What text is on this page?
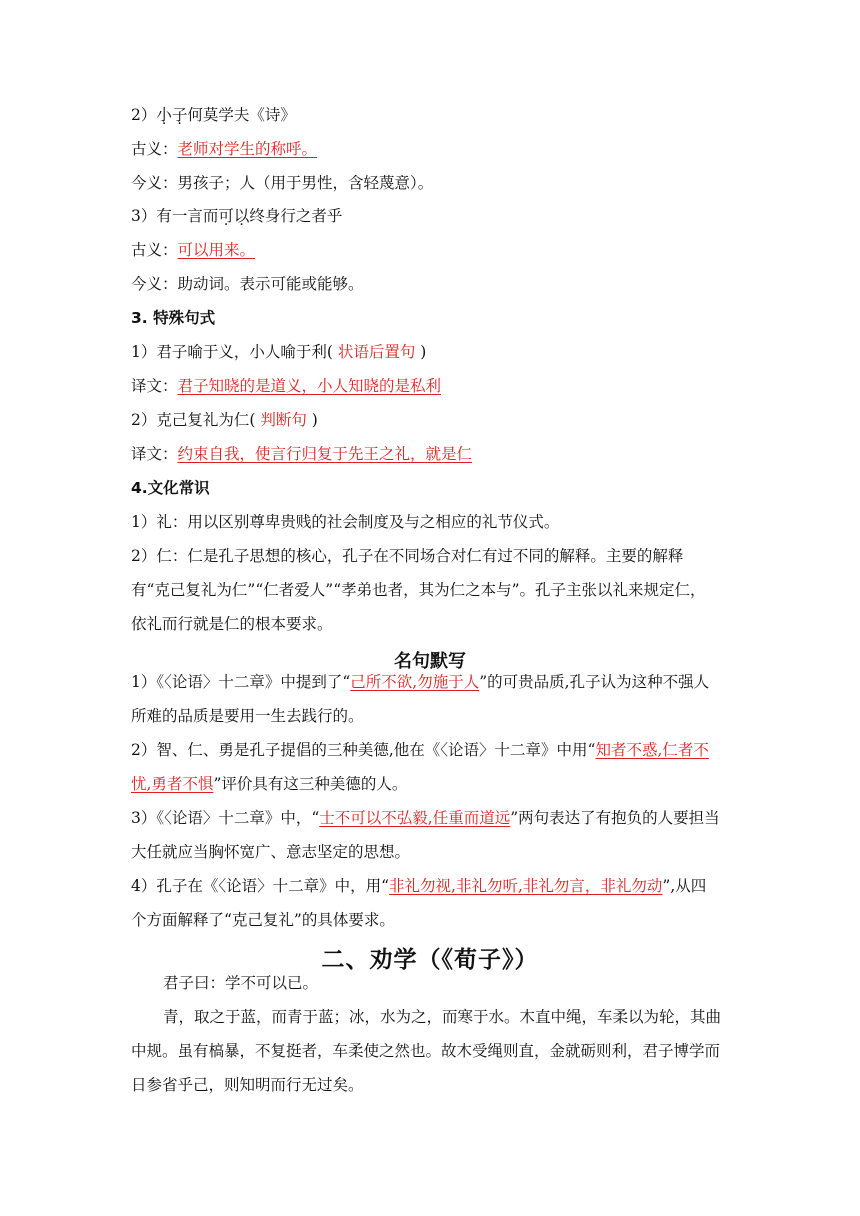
2）小子何莫学夫《诗》
古义：老师对学生的称呼。
今义：男孩子；人（用于男性，含轻蔑意）。
3）有一言而可以终身行之者乎
古义：可以用来。
今义：助动词。表示可能或能够。
3. 特殊句式
1）君子喻于义，小人喻于利( 状语后置句 )
译文：君子知晓的是道义，小人知晓的是私利
2）克己复礼为仁( 判断句 )
译文：约束自我，使言行归复于先王之礼，就是仁
4.文化常识
1）礼：用以区别尊卑贵贱的社会制度及与之相应的礼节仪式。
2）仁：仁是孔子思想的核心，孔子在不同场合对仁有过不同的解释。主要的解释有“克己复礼为仁”“仁者爱人”“孝弟也者，其为仁之本与”。孔子主张以礼来规定仁，依礼而行就是仁的根本要求。
名句默写
1）《〈论语〉十二章》中提到了“己所不欲,勿施于人”的可贵品质,孔子认为这种不强人所难的品质是要用一生去践行的。
2）智、仁、勇是孔子提倡的三种美德,他在《〈论语〉十二章》中用“知者不惑,仁者不忧,勇者不惧”评价具有这三种美德的人。
3）《〈论语〉十二章》中，“士不可以不弘毅,任重而道远”两句表达了有抱负的人要担当大任就应当胸怀宽广、意志坚定的思想。
4）孔子在《〈论语〉十二章》中，用“非礼勿视,非礼勿听,非礼勿言，非礼勿动”,从四个方面解释了“克己复礼”的具体要求。
二、劝学（《荀子》）
君子曰：学不可以已。
青，取之于蓝，而青于蓝；冰，水为之，而寒于水。木直中绳，车柔以为轮，其曲中规。虽有槁暴，不复挺者，车柔使之然也。故木受绳则直，金就砺则利，君子博学而日参省乎己，则知明而行无过矣。
